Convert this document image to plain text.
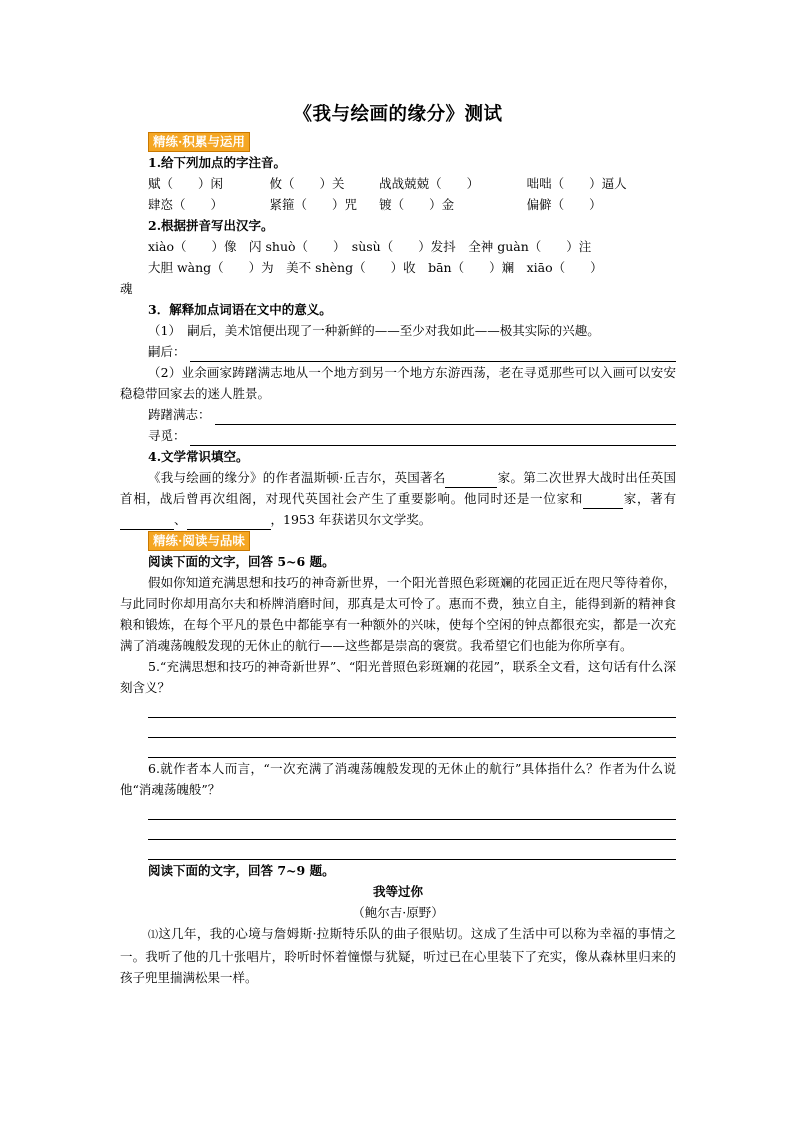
《我与绘画的缘分》测试
精练·积累与运用
1.给下列加点的字注音。
赋（　　）闲	攸（　　）关	战战兢兢（　　）	咄咄（　　）逼人
肆恣（　　）	紧箍（　　）咒	镀（　　）金	偏僻（　　）
2.根据拼音写出汉字。
xiào（　　）像　闪 shuò（　　）　sùsù（　　）发抖　全神 guàn（　　）注
大胆 wàng（　　）为　美不 shèng（　　）收　bān（　　）斓　xiāo（　　）
魂
3．解释加点词语在文中的意义。
（1）　嗣后，美术馆便出现了一种新鲜的——至少对我如此——极其实际的兴趣。
嗣后：
（2）业余画家踌躇满志地从一个地方到另一个地方东游西荡，老在寻觅那些可以入画可以安安稳稳带回家去的迷人胜景。
踌躇满志：
寻觅：
4.文学常识填空。
《我与绘画的缘分》的作者温斯顿·丘吉尔，英国著名	家。第二次世界大战时出任英国首相，战后曾再次组阁，对现代英国社会产生了重要影响。他同时还是一位家和	家，著有、	，1953 年获诺贝尔文学奖。
精练·阅读与品味
阅读下面的文字，回答 5~6 题。
假如你知道充满思想和技巧的神奇新世界，一个阳光普照色彩斑斓的花园正近在咫尺等待着你，与此同时你却用高尔夫和桥牌消磨时间，那真是太可怜了。惠而不费，独立自主，能得到新的精神食粮和锻炼，在每个平凡的景色中都能享有一种额外的兴味，使每个空闲的钟点都很充实，都是一次充满了消魂荡魄般发现的无休止的航行——这些都是崇高的褒赏。我希望它们也能为你所享有。
5.“充满思想和技巧的神奇新世界”、“阳光普照色彩斑斓的花园”，联系全文看，这句话有什么深刻含义？
6.就作者本人而言，“一次充满了消魂荡魄般发现的无休止的航行”具体指什么？作者为什么说他“消魂荡魄般”？
阅读下面的文字，回答 7~9 题。
我等过你
（鲍尔吉·原野）
⑴这几年，我的心境与詹姆斯·拉斯特乐队的曲子很贴切。这成了生活中可以称为幸福的事情之一。我听了他的几十张唱片，聆听时怀着憧憬与犹疑，听过已在心里装下了充实，像从森林里归来的孩子兜里揣满松果一样。
